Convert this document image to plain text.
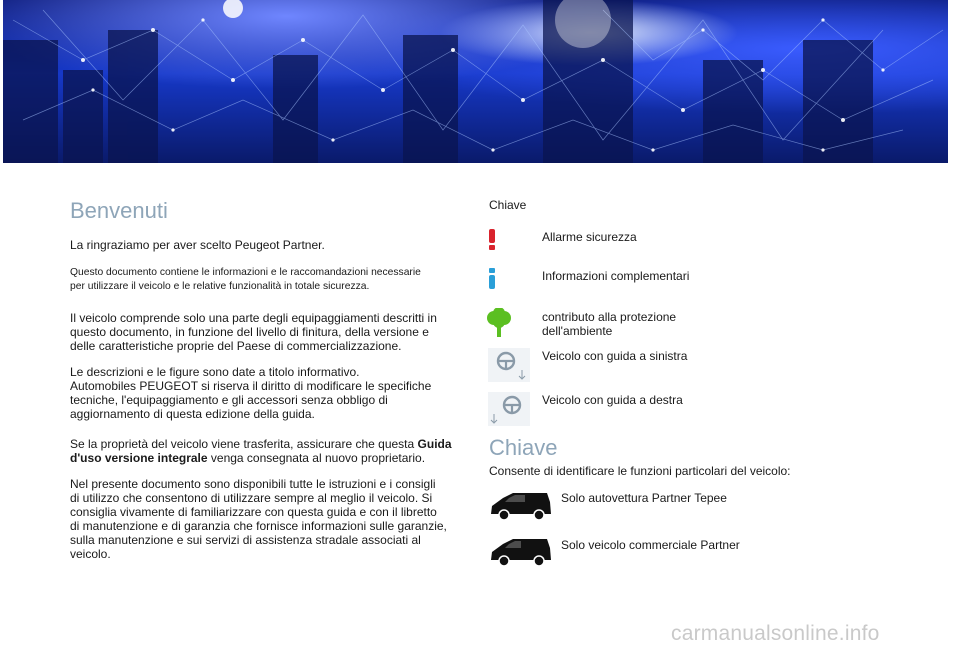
Benvenuti

La ringraziamo per aver scelto Peugeot Partner.

Questo documento contiene le informazioni e le raccomandazioni necessarie

per utilizzare il veicolo e le relative funzionalità in totale sicurezza.

Il veicolo comprende solo una parte degli equipaggiamenti descritti in

questo documento, in funzione del livello di finitura, della versione e

delle caratteristiche proprie del Paese di commercializzazione.

Le descrizioni e le figure sono date a titolo informativo.

Automobiles PEUGEOT si riserva il diritto di modificare le specifiche

tecniche, l'equipaggiamento e gli accessori senza obbligo di

aggiornamento di questa edizione della guida.

Se la proprietà del veicolo viene trasferita, assicurare che questa Guida

d'uso versione integrale venga consegnata al nuovo proprietario.

Nel presente documento sono disponibili tutte le istruzioni e i consigli

di utilizzo che consentono di utilizzare sempre al meglio il veicolo. Si

consiglia vivamente di familiarizzare con questa guida e con il libretto

di manutenzione e di garanzia che fornisce informazioni sulle garanzie,

sulla manutenzione e sui servizi di assistenza stradale associati al

veicolo.

Chiave

Allarme sicurezza

Informazioni complementari

contributo alla protezione

dell'ambiente

Veicolo con guida a sinistra

Veicolo con guida a destra

Chiave

Consente di identificare le funzioni particolari del veicolo:

Solo autovettura Partner Tepee

Solo veicolo commerciale Partner

carmanualsonline.info
